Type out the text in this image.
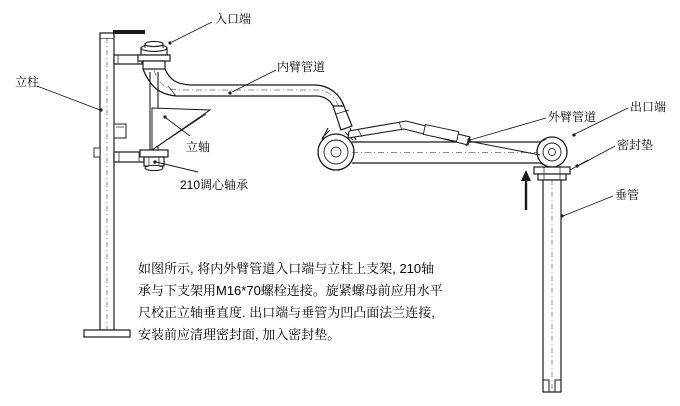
入口端
内臂管道
立柱
立轴
210调心轴承
外臂管道
出口端
密封垫
垂管
如图所示, 将内外臂管道入口端与立柱上支架, 210轴
承与下支架用M16*70螺栓连接。旋紧螺母前应用水平
尺校正立轴垂直度. 出口端与垂管为凹凸面法兰连接,
安装前应清理密封面, 加入密封垫。
